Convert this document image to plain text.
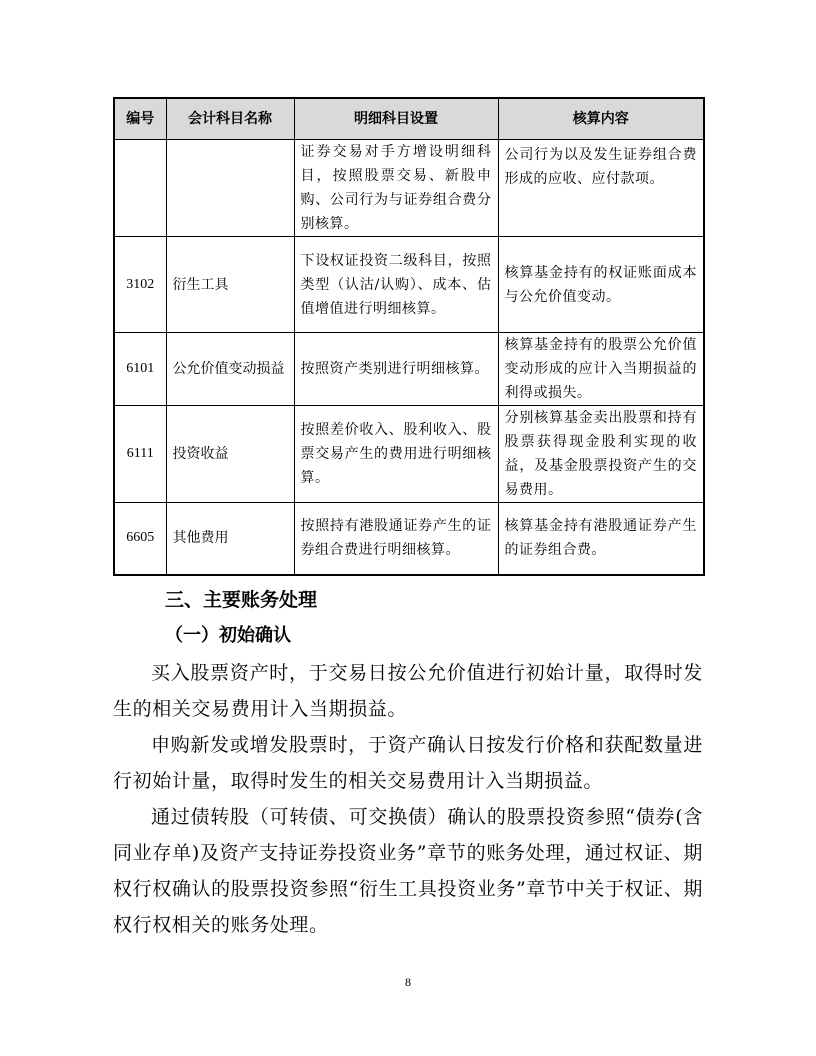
编号	会计科目名称	明细科目设置	核算内容
		证券交易对手方增设明细科目，按照股票交易、新股申购、公司行为与证券组合费分别核算。	公司行为以及发生证券组合费形成的应收、应付款项。
3102	衍生工具	下设权证投资二级科目，按照类型（认沽/认购）、成本、估值增值进行明细核算。	核算基金持有的权证账面成本与公允价值变动。
6101	公允价值变动损益	按照资产类别进行明细核算。	核算基金持有的股票公允价值变动形成的应计入当期损益的利得或损失。
6111	投资收益	按照差价收入、股利收入、股票交易产生的费用进行明细核算。	分别核算基金卖出股票和持有股票获得现金股利实现的收益，及基金股票投资产生的交易费用。
6605	其他费用	按照持有港股通证券产生的证券组合费进行明细核算。	核算基金持有港股通证券产生的证券组合费。
三、主要账务处理
（一）初始确认

买入股票资产时，于交易日按公允价值进行初始计量，取得时发生的相关交易费用计入当期损益。

申购新发或增发股票时，于资产确认日按发行价格和获配数量进行初始计量，取得时发生的相关交易费用计入当期损益。

通过债转股（可转债、可交换债）确认的股票投资参照“债券(含同业存单)及资产支持证券投资业务”章节的账务处理，通过权证、期权行权确认的股票投资参照“衍生工具投资业务”章节中关于权证、期权行权相关的账务处理。

8
